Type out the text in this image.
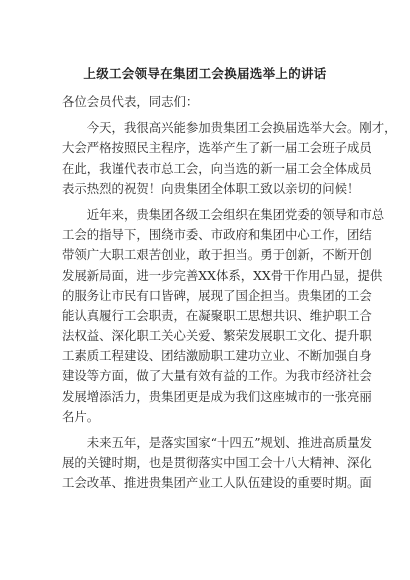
上级工会领导在集团工会换届选举上的讲话
各位会员代表，同志们：
　　今天，我很高兴能参加贵集团工会换届选举大会。刚才，
大会严格按照民主程序，选举产生了新一届工会班子成员
在此，我谨代表市总工会，向当选的新一届工会全体成员
表示热烈的祝贺！向贵集团全体职工致以亲切的问候！
　　近年来，贵集团各级工会组织在集团党委的领导和市总
工会的指导下，围绕市委、市政府和集团中心工作，团结
带领广大职工艰苦创业，敢于担当。勇于创新，不断开创
发展新局面，进一步完善XX体系，XX骨干作用凸显，提供
的服务让市民有口皆碑，展现了国企担当。贵集团的工会
能认真履行工会职责，在凝聚职工思想共识、维护职工合
法权益、深化职工关心关爱、繁荣发展职工文化、提升职
工素质工程建设、团结激励职工建功立业、不断加强自身
建设等方面，做了大量有效有益的工作。为我市经济社会
发展增添活力，贵集团更是成为我们这座城市的一张亮丽
名片。
　　未来五年，是落实国家“十四五”规划、推进高质量发
展的关键时期，也是贯彻落实中国工会十八大精神、深化
工会改革、推进贵集团产业工人队伍建设的重要时期。面
